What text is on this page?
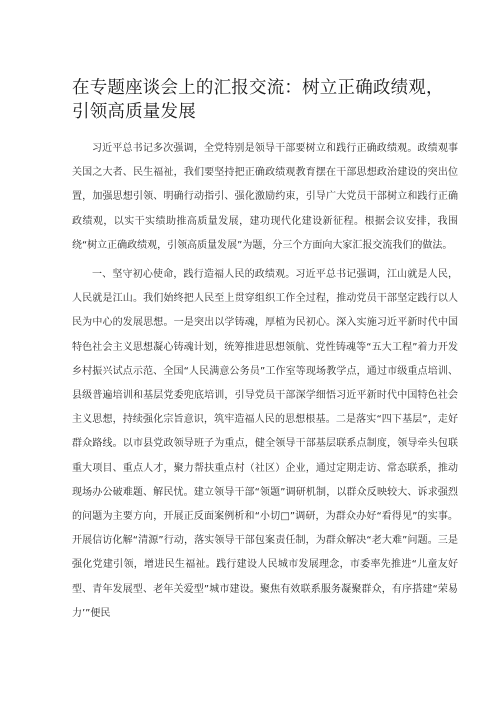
在专题座谈会上的汇报交流：树立正确政绩观，引领高质量发展

习近平总书记多次强调，全党特别是领导干部要树立和践行正确政绩观。政绩观事关国之大者、民生福祉，我们要坚持把正确政绩观教育摆在干部思想政治建设的突出位置，加强思想引领、明确行动指引、强化激励约束，引导广大党员干部树立和践行正确政绩观，以实干实绩助推高质量发展，建功现代化建设新征程。根据会议安排，我围绕“树立正确政绩观，引领高质量发展”为题，分三个方面向大家汇报交流我们的做法。

一、坚守初心使命，践行造福人民的政绩观。习近平总书记强调，江山就是人民，人民就是江山。我们始终把人民至上贯穿组织工作全过程，推动党员干部坚定践行以人民为中心的发展思想。一是突出以学铸魂，厚植为民初心。深入实施习近平新时代中国特色社会主义思想凝心铸魂计划，统筹推进思想领航、党性铸魂等“五大工程”着力开发乡村振兴试点示范、全国“人民满意公务员”工作室等现场教学点，通过市级重点培训、县级普遍培训和基层党委兜底培训，引导党员干部深学细悟习近平新时代中国特色社会主义思想，持续强化宗旨意识，筑牢造福人民的思想根基。二是落实“四下基层”，走好群众路线。以市县党政领导班子为重点，健全领导干部基层联系点制度，领导牵头包联重大项目、重点人才，聚力帮扶重点村（社区）企业，通过定期走访、常态联系，推动现场办公破难题、解民忧。建立领导干部“领题”调研机制，以群众反映较大、诉求强烈的问题为主要方向，开展正反面案例析和“小切□”调研，为群众办好“看得见”的实事。开展信访化解“清源”行动，落实领导干部包案责任制，为群众解决“老大难”问题。三是强化党建引领，增进民生福祉。践行建设人民城市发展理念，市委率先推进“儿童友好型、青年发展型、老年关爱型”城市建设。聚焦有效联系服务凝聚群众，有序搭建“荣易力’”便民
